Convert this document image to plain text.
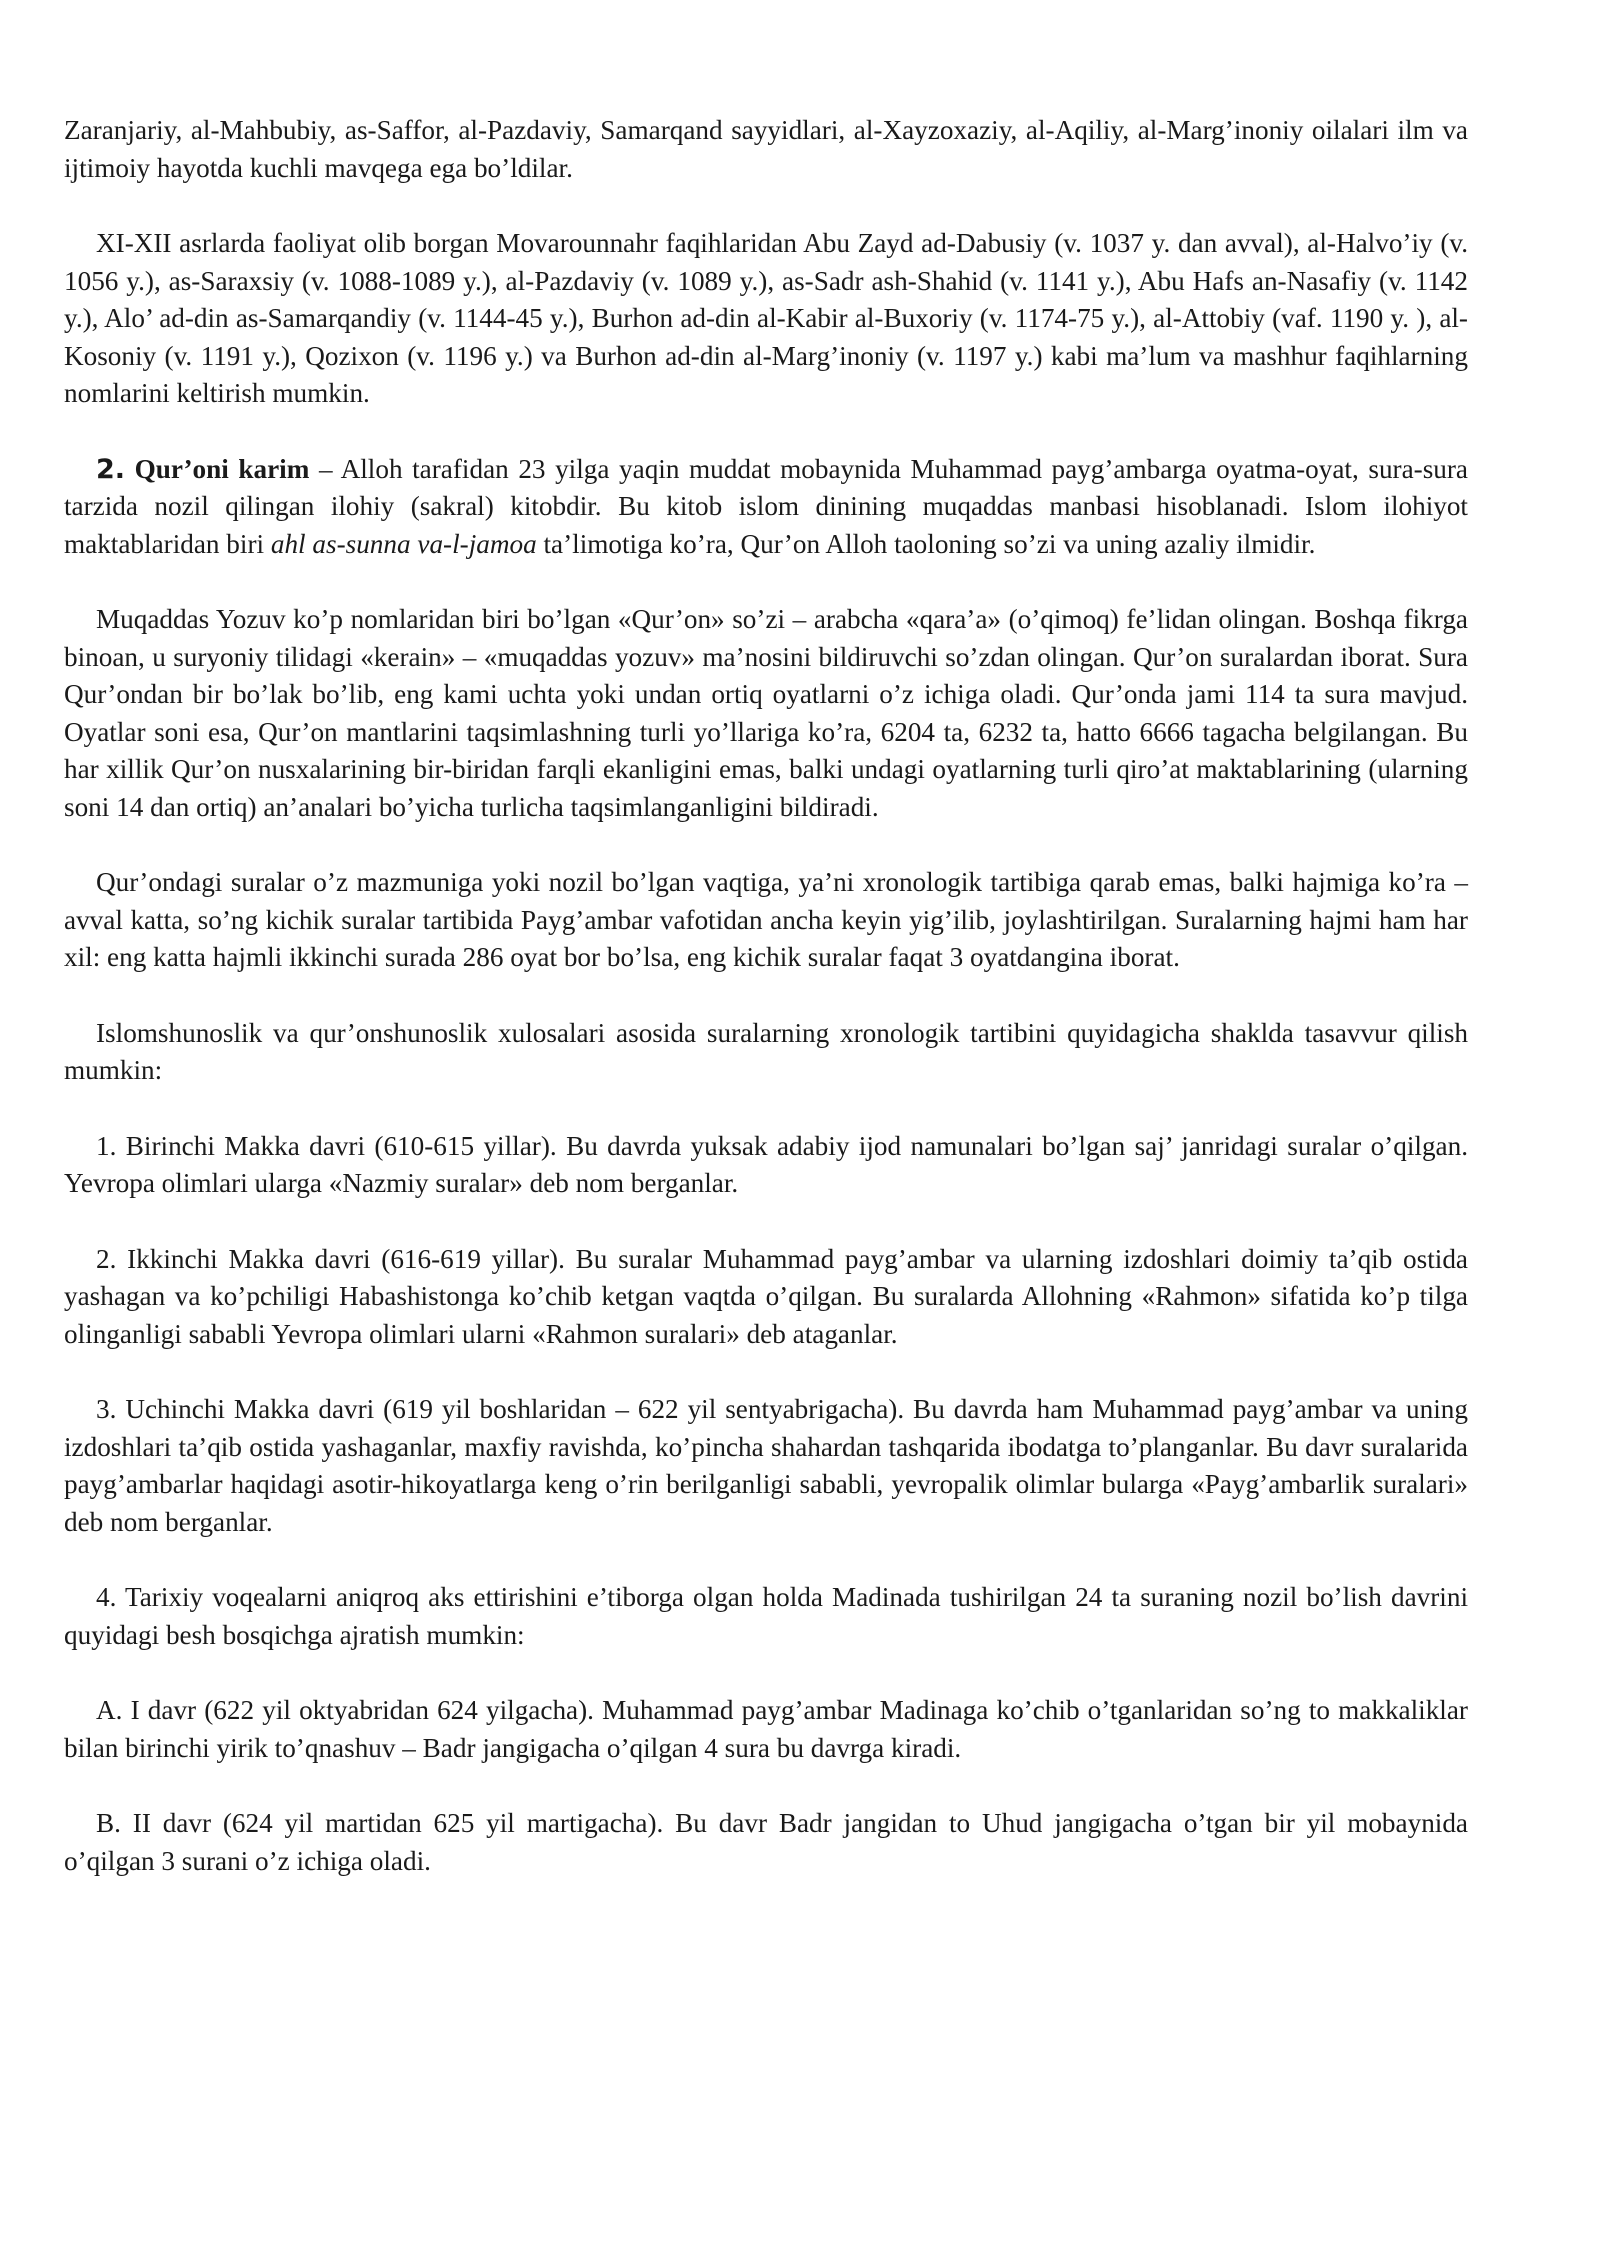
Zaranjariy, al-Mahbubiy, as-Saffor, al-Pazdaviy, Samarqand sayyidlari, al-Xayzoxaziy, al-Aqiliy, al-Marg’inoniy oilalari ilm va ijtimoiy hayotda kuchli mavqega ega bo’ldilar.

XI-XII asrlarda faoliyat olib borgan Movarounnahr faqihlaridan Abu Zayd ad-Dabusiy (v. 1037 y. dan avval), al-Halvo’iy (v. 1056 y.), as-Saraxsiy (v. 1088-1089 y.), al-Pazdaviy (v. 1089 y.), as-Sadr ash-Shahid (v. 1141 y.), Abu Hafs an-Nasafiy (v. 1142 y.), Alo’ ad-din as-Samarqandiy (v. 1144-45 y.), Burhon ad-din al-Kabir al-Buxoriy (v. 1174-75 y.), al-Attobiy (vaf. 1190 y. ), al-Kosoniy (v. 1191 y.), Qozixon (v. 1196 y.) va Burhon ad-din al-Marg’inoniy (v. 1197 y.) kabi ma’lum va mashhur faqihlarning nomlarini keltirish mumkin.

2. Qur’oni karim – Alloh tarafidan 23 yilga yaqin muddat mobaynida Muhammad payg’ambarga oyatma-oyat, sura-sura tarzida nozil qilingan ilohiy (sakral) kitobdir. Bu kitob islom dinining muqaddas manbasi hisoblanadi. Islom ilohiyot maktablaridan biri ahl as-sunna va-l-jamoa ta’limotiga ko’ra, Qur’on Alloh taoloning so’zi va uning azaliy ilmidir.

Muqaddas Yozuv ko’p nomlaridan biri bo’lgan «Qur’on» so’zi – arabcha «qara’a» (o’qimoq) fe’lidan olingan. Boshqa fikrga binoan, u suryoniy tilidagi «kerain» – «muqaddas yozuv» ma’nosini bildiruvchi so’zdan olingan. Qur’on suralardan iborat. Sura Qur’ondan bir bo’lak bo’lib, eng kami uchta yoki undan ortiq oyatlarni o’z ichiga oladi. Qur’onda jami 114 ta sura mavjud. Oyatlar soni esa, Qur’on mantlarini taqsimlashning turli yo’llariga ko’ra, 6204 ta, 6232 ta, hatto 6666 tagacha belgilangan. Bu har xillik Qur’on nusxalarining bir-biridan farqli ekanligini emas, balki undagi oyatlarning turli qiro’at maktablarining (ularning soni 14 dan ortiq) an’analari bo’yicha turlicha taqsimlanganligini bildiradi.

Qur’ondagi suralar o’z mazmuniga yoki nozil bo’lgan vaqtiga, ya’ni xronologik tartibiga qarab emas, balki hajmiga ko’ra – avval katta, so’ng kichik suralar tartibida Payg’ambar vafotidan ancha keyin yig’ilib, joylashtirilgan. Suralarning hajmi ham har xil: eng katta hajmli ikkinchi surada 286 oyat bor bo’lsa, eng kichik suralar faqat 3 oyatdangina iborat.

Islomshunoslik va qur’onshunoslik xulosalari asosida suralarning xronologik tartibini quyidagicha shaklda tasavvur qilish mumkin:

1. Birinchi Makka davri (610-615 yillar). Bu davrda yuksak adabiy ijod namunalari bo’lgan saj’ janridagi suralar o’qilgan. Yevropa olimlari ularga «Nazmiy suralar» deb nom berganlar.

2. Ikkinchi Makka davri (616-619 yillar). Bu suralar Muhammad payg’ambar va ularning izdoshlari doimiy ta’qib ostida yashagan va ko’pchiligi Habashistonga ko’chib ketgan vaqtda o’qilgan. Bu suralarda Allohning «Rahmon» sifatida ko’p tilga olinganligi sababli Yevropa olimlari ularni «Rahmon suralari» deb ataganlar.

3. Uchinchi Makka davri (619 yil boshlaridan – 622 yil sentyabrigacha). Bu davrda ham Muhammad payg’ambar va uning izdoshlari ta’qib ostida yashaganlar, maxfiy ravishda, ko’pincha shahardan tashqarida ibodatga to’planganlar. Bu davr suralarida payg’ambarlar haqidagi asotir-hikoyatlarga keng o’rin berilganligi sababli, yevropalik olimlar bularga «Payg’ambarlik suralari» deb nom berganlar.

4. Tarixiy voqealarni aniqroq aks ettirishini e’tiborga olgan holda Madinada tushirilgan 24 ta suraning nozil bo’lish davrini quyidagi besh bosqichga ajratish mumkin:

A. I davr (622 yil oktyabridan 624 yilgacha). Muhammad payg’ambar Madinaga ko’chib o’tganlaridan so’ng to makkaliklar bilan birinchi yirik to’qnashuv – Badr jangigacha o’qilgan 4 sura bu davrga kiradi.

B. II davr (624 yil martidan 625 yil martigacha). Bu davr Badr jangidan to Uhud jangigacha o’tgan bir yil mobaynida o’qilgan 3 surani o’z ichiga oladi.
